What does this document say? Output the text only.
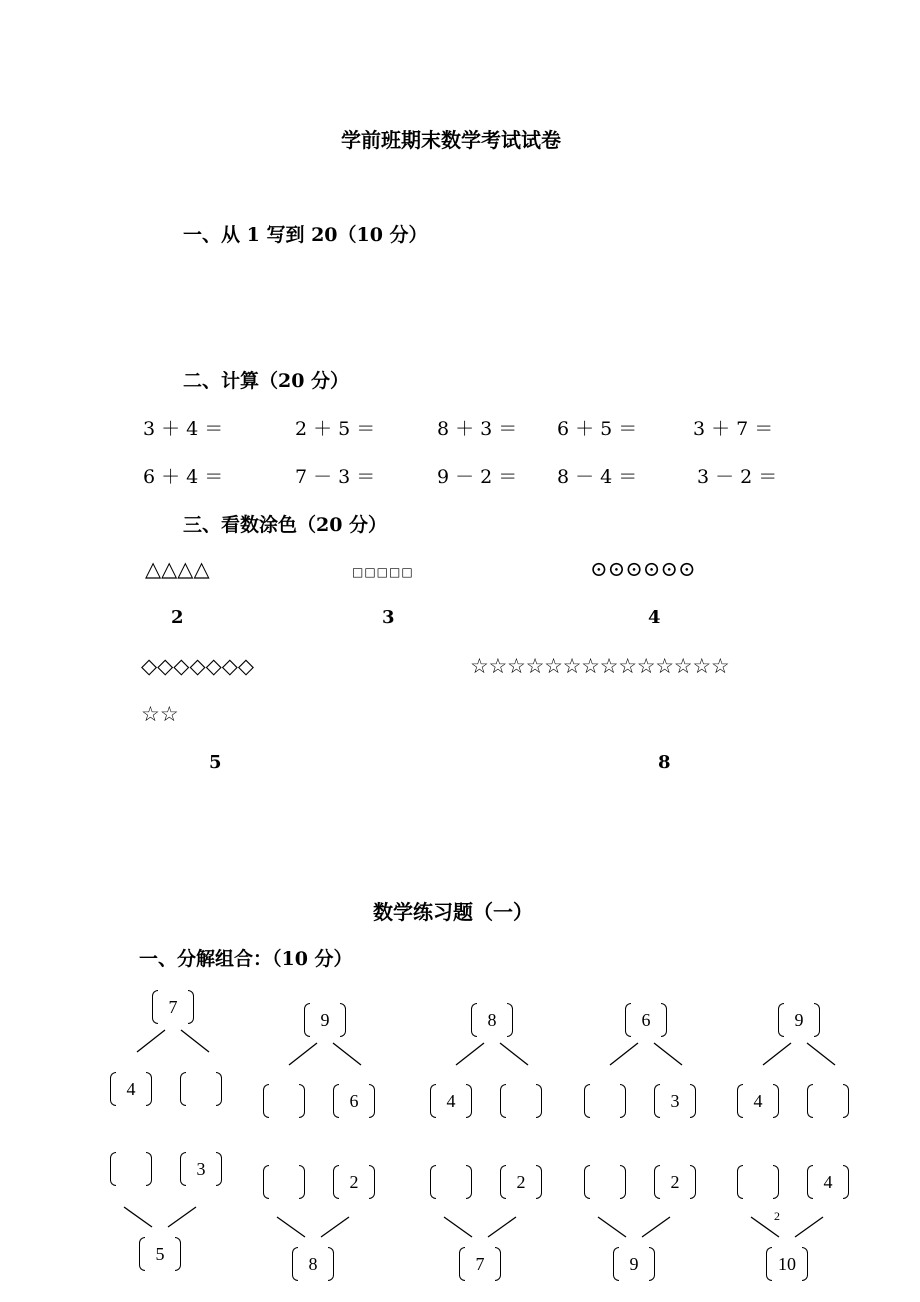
学前班期末数学考试试卷
一、从 1 写到 20（10 分）
二、计算（20 分）
3 ＋ 4 ＝	2 ＋ 5 ＝	8 ＋ 3 ＝ 6 ＋ 5 ＝	3 ＋ 7 ＝
6 ＋ 4 ＝	7 － 3 ＝	9 － 2 ＝ 8 － 4 ＝	3 － 2 ＝
三、看数涂色（20 分）
△△△△	□□□□□	⊙⊙⊙⊙⊙⊙
2	3	4
◇◇◇◇◇◇◇	☆☆☆☆☆☆☆☆☆☆☆☆☆☆
☆☆
5	8
数学练习题（一）
一、分解组合：（10 分）
7
4
9
6
8
4
6
3
9
4
3
5
2
8
2
7
2
9
4
10
2
